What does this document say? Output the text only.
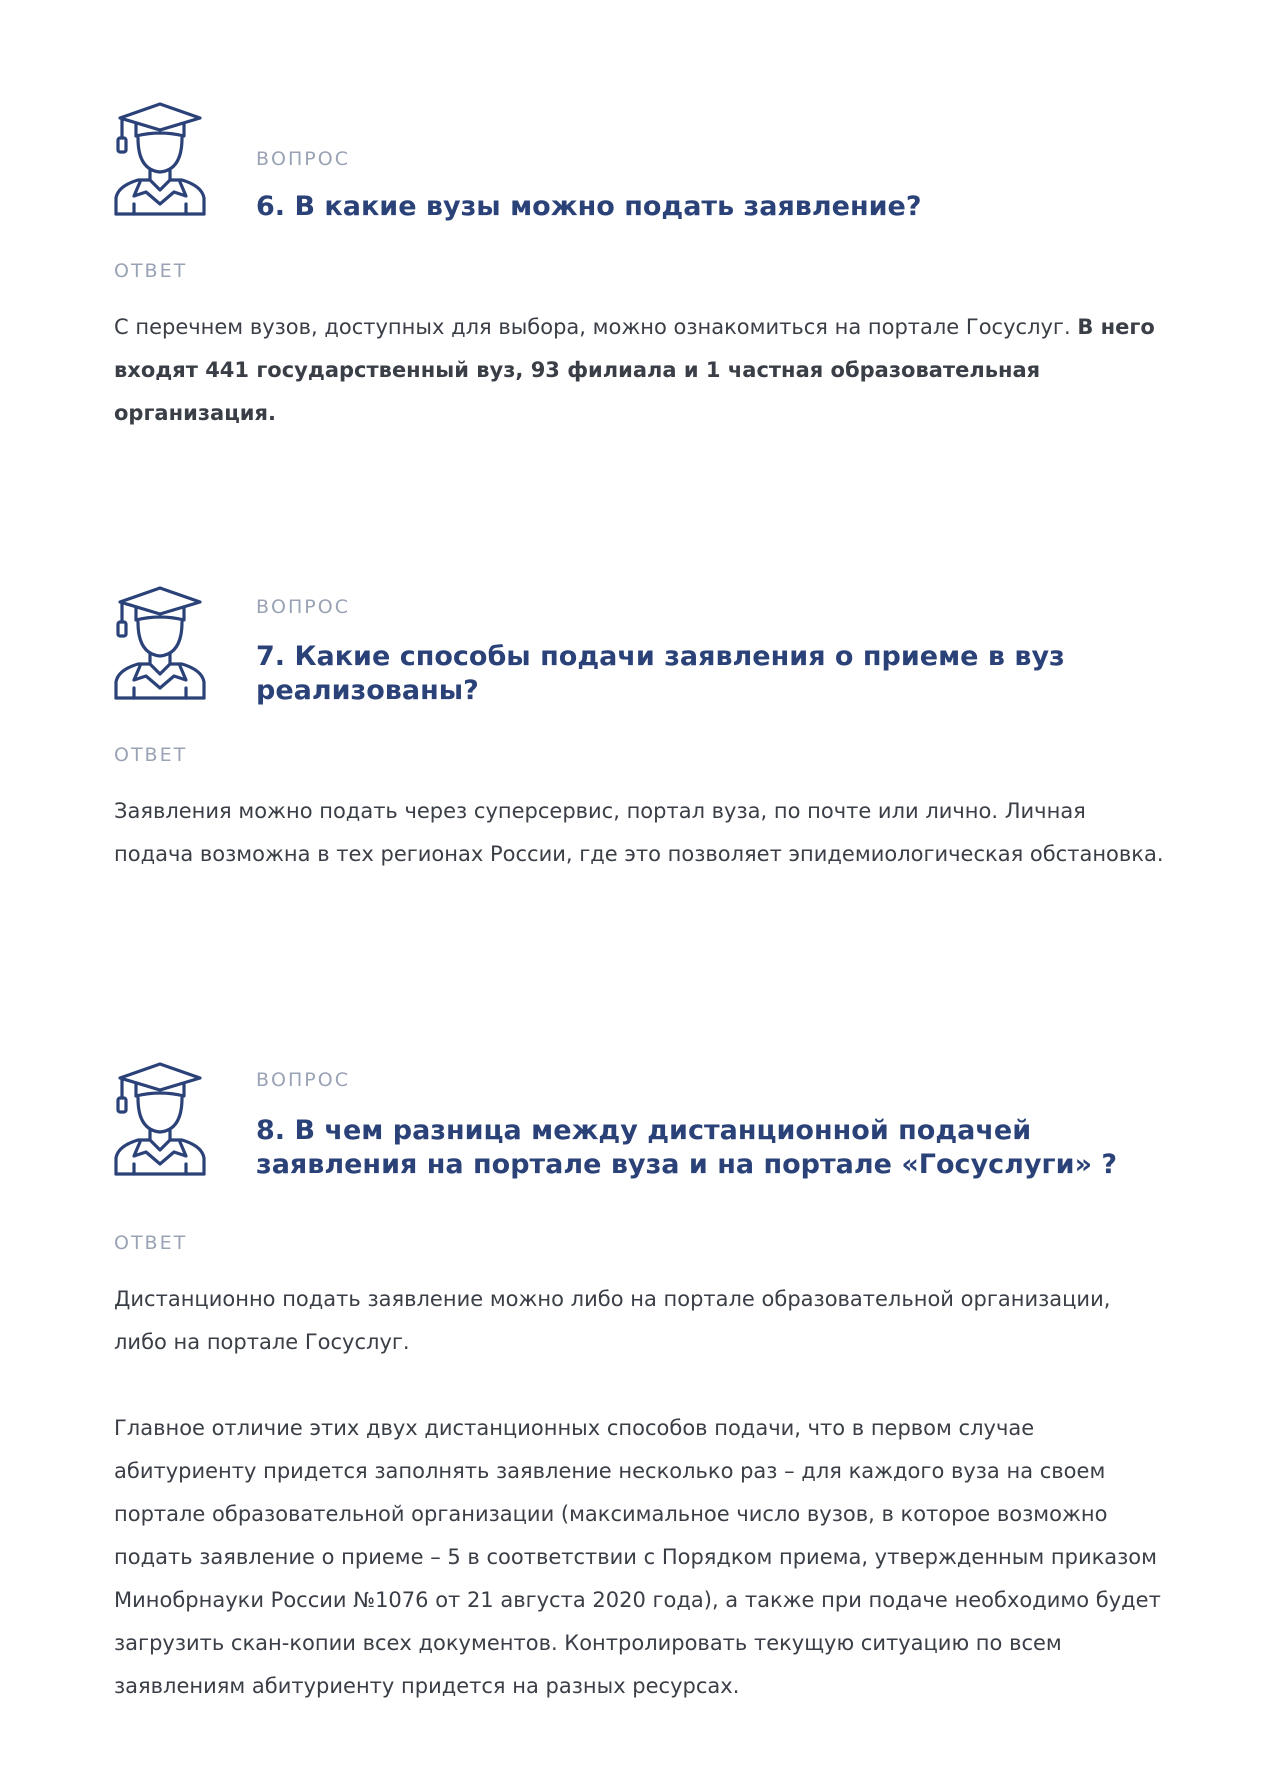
ВОПРОС
6. В какие вузы можно подать заявление?
ОТВЕТ

С перечнем вузов, доступных для выбора, можно ознакомиться на портале Госуслуг. В него входят 441 государственный вуз, 93 филиала и 1 частная образовательная организация.

ВОПРОС
7. Какие способы подачи заявления о приеме в вуз
реализованы?
ОТВЕТ

Заявления можно подать через суперсервис, портал вуза, по почте или лично. Личная подача возможна в тех регионах России, где это позволяет эпидемиологическая обстановка.

ВОПРОС
8. В чем разница между дистанционной подачей
заявления на портале вуза и на портале «Госуслуги» ?
ОТВЕТ

Дистанционно подать заявление можно либо на портале образовательной организации, либо на портале Госуслуг.
Главное отличие этих двух дистанционных способов подачи, что в первом случае абитуриенту придется заполнять заявление несколько раз – для каждого вуза на своем портале образовательной организации (максимальное число вузов, в которое возможно подать заявление о приеме – 5 в соответствии с Порядком приема, утвержденным приказом Минобрнауки России №1076 от 21 августа 2020 года), а также при подаче необходимо будет загрузить скан-копии всех документов. Контролировать текущую ситуацию по всем заявлениям абитуриенту придется на разных ресурсах.
